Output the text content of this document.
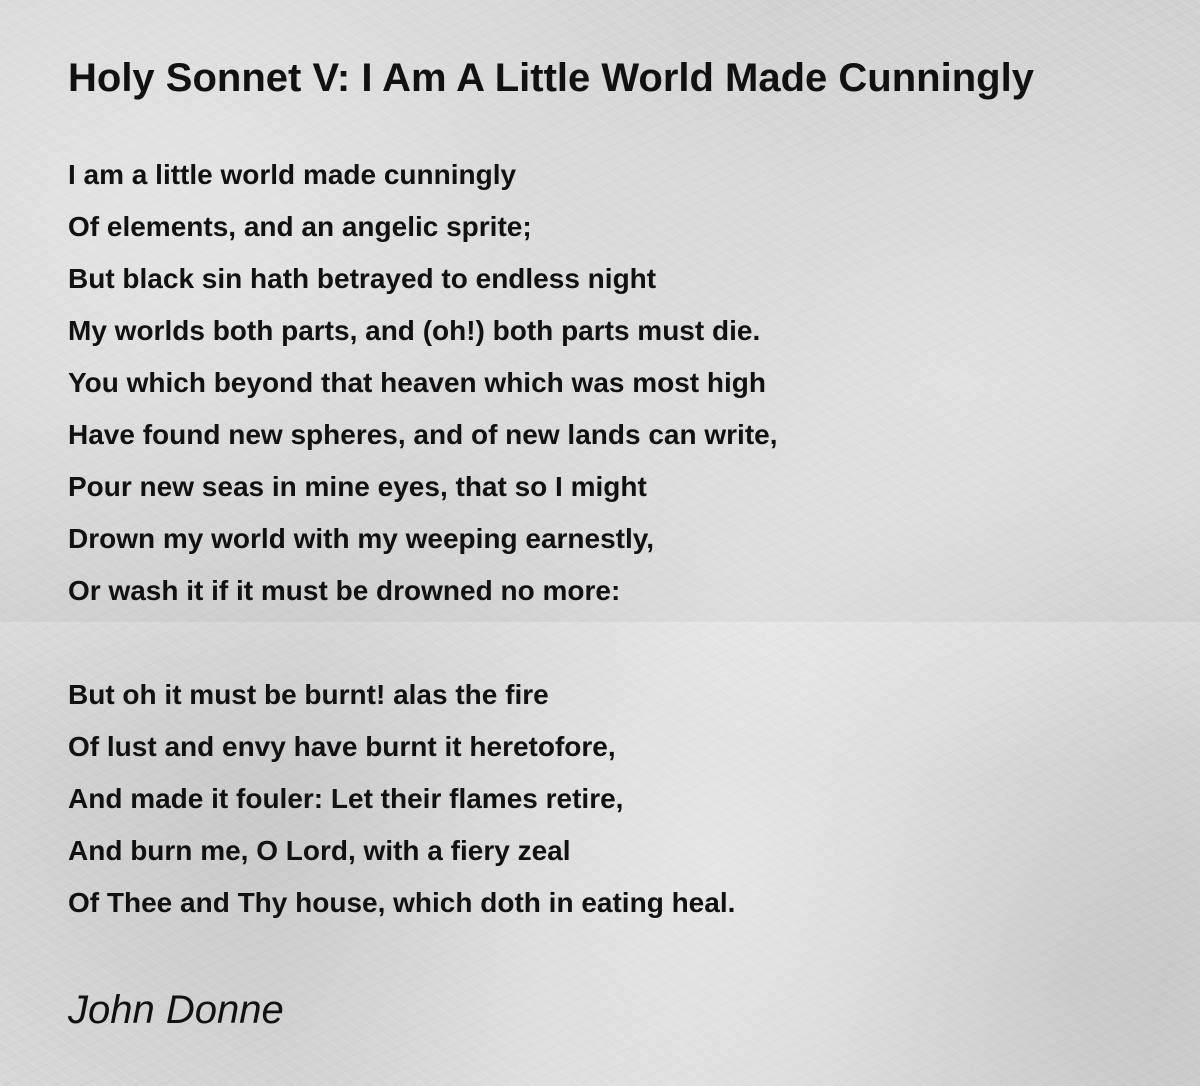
Holy Sonnet V: I Am A Little World Made Cunningly
I am a little world made cunningly
Of elements, and an angelic sprite;
But black sin hath betrayed to endless night
My worlds both parts, and (oh!) both parts must die.
You which beyond that heaven which was most high
Have found new spheres, and of new lands can write,
Pour new seas in mine eyes, that so I might
Drown my world with my weeping earnestly,
Or wash it if it must be drowned no more:
But oh it must be burnt! alas the fire
Of lust and envy have burnt it heretofore,
And made it fouler: Let their flames retire,
And burn me, O Lord, with a fiery zeal
Of Thee and Thy house, which doth in eating heal.

John Donne
